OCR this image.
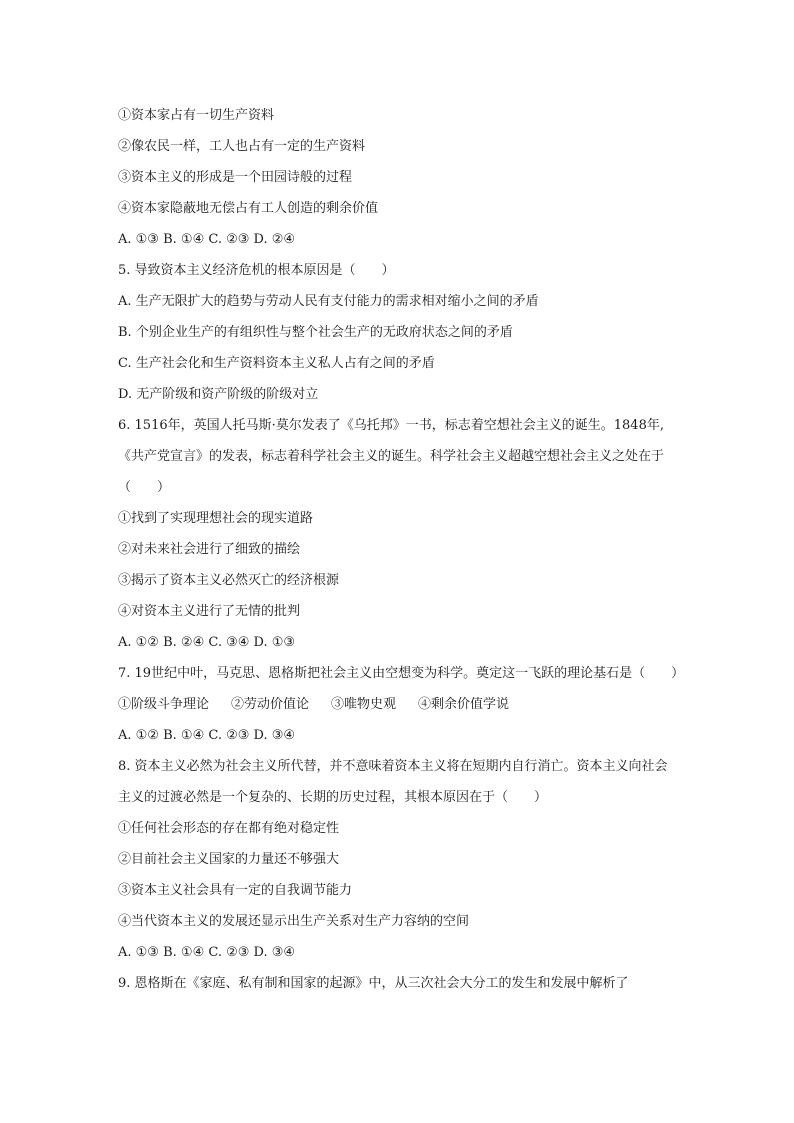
①资本家占有一切生产资料
②像农民一样，工人也占有一定的生产资料
③资本主义的形成是一个田园诗般的过程
④资本家隐蔽地无偿占有工人创造的剩余价值
A. ①③ B. ①④ C. ②③ D. ②④
5. 导致资本主义经济危机的根本原因是（　　）
A. 生产无限扩大的趋势与劳动人民有支付能力的需求相对缩小之间的矛盾
B. 个别企业生产的有组织性与整个社会生产的无政府状态之间的矛盾
C. 生产社会化和生产资料资本主义私人占有之间的矛盾
D. 无产阶级和资产阶级的阶级对立
6. 1516年，英国人托马斯·莫尔发表了《乌托邦》一书，标志着空想社会主义的诞生。1848年,《共产党宣言》的发表，标志着科学社会主义的诞生。科学社会主义超越空想社会主义之处在于（　　）
①找到了实现理想社会的现实道路
②对未来社会进行了细致的描绘
③揭示了资本主义必然灭亡的经济根源
④对资本主义进行了无情的批判
A. ①② B. ②④ C. ③④ D. ①③
7. 19世纪中叶，马克思、恩格斯把社会主义由空想变为科学。奠定这一飞跃的理论基石是（　　）
①阶级斗争理论 ②劳动价值论 ③唯物史观 ④剩余价值学说
A. ①② B. ①④ C. ②③ D. ③④
8. 资本主义必然为社会主义所代替，并不意味着资本主义将在短期内自行消亡。资本主义向社会主义的过渡必然是一个复杂的、长期的历史过程，其根本原因在于（　　）
①任何社会形态的存在都有绝对稳定性
②目前社会主义国家的力量还不够强大
③资本主义社会具有一定的自我调节能力
④当代资本主义的发展还显示出生产关系对生产力容纳的空间
A. ①③ B. ①④ C. ②③ D. ③④
9. 恩格斯在《家庭、私有制和国家的起源》中，从三次社会大分工的发生和发展中解析了
